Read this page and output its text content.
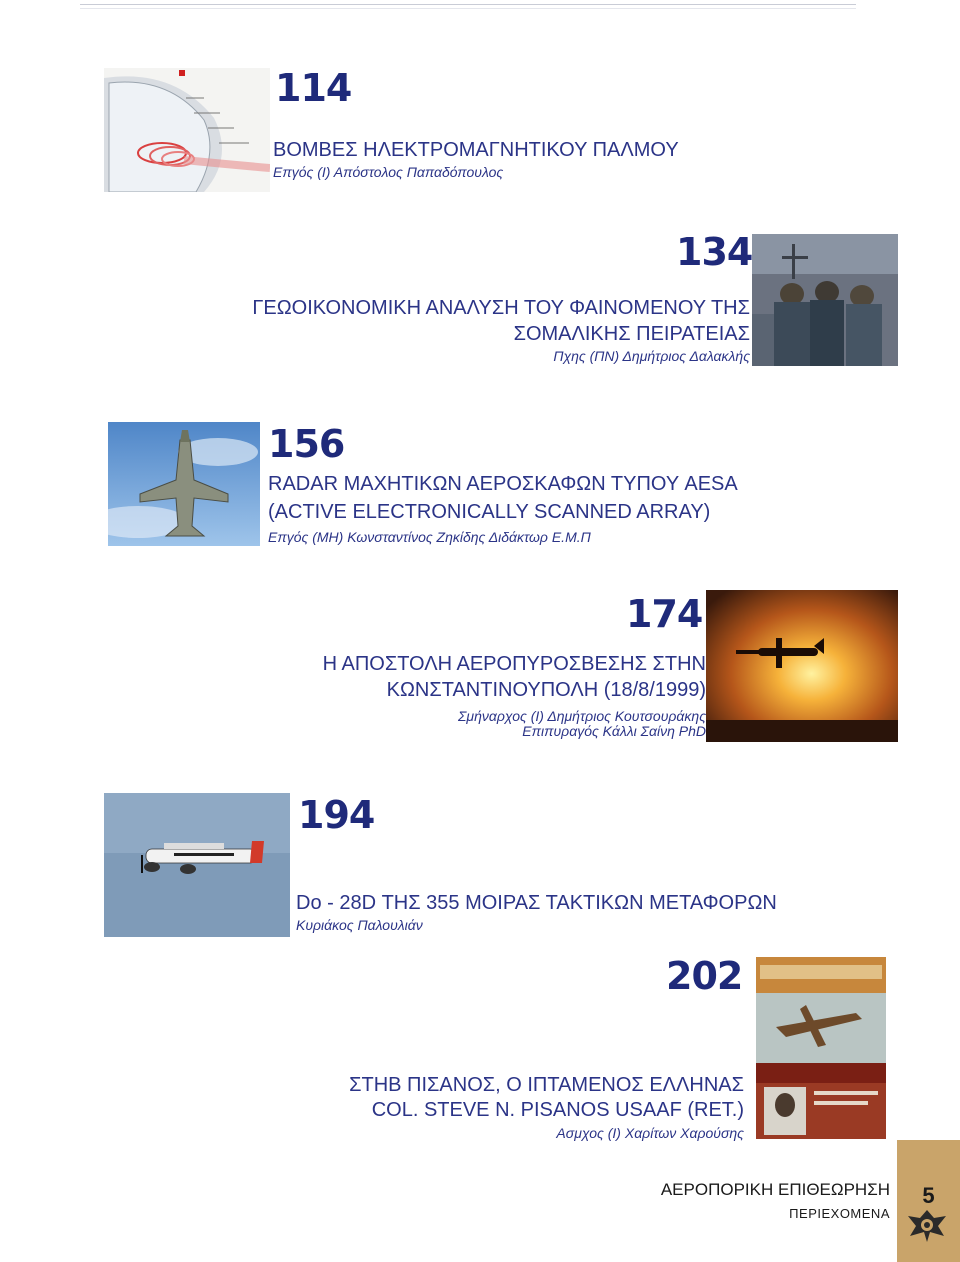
114
ΒΟΜΒΕΣ ΗΛΕΚΤΡΟΜΑΓΝΗΤΙΚΟΥ ΠΑΛΜΟΥ
Επγός (Ι) Απόστολος Παπαδόπουλος
134
ΓΕΩΟΙΚΟΝΟΜΙΚΗ ΑΝΑΛΥΣΗ ΤΟΥ ΦΑΙΝΟΜΕΝΟΥ ΤΗΣ
ΣΟΜΑΛΙΚΗΣ ΠΕΙΡΑΤΕΙΑΣ
Πχης (ΠΝ) Δημήτριος Δαλακλής
156
RADAR ΜΑΧΗΤΙΚΩΝ ΑΕΡΟΣΚΑΦΩΝ ΤΥΠΟΥ AESA
(ACTIVE ELECTRONICALLY SCANNED ARRAY)
Επγός (ΜΗ) Κωνσταντίνος Ζηκίδης Διδάκτωρ Ε.Μ.Π
174
Η ΑΠΟΣΤΟΛΗ ΑΕΡΟΠΥΡΟΣΒΕΣΗΣ ΣΤΗΝ
ΚΩΝΣΤΑΝΤΙΝΟΥΠΟΛΗ (18/8/1999)
Σμήναρχος (Ι) Δημήτριος Κουτσουράκης
Επιπυραγός Κάλλι Σαίνη PhD
194
Do - 28D ΤΗΣ 355 ΜΟΙΡΑΣ ΤΑΚΤΙΚΩΝ ΜΕΤΑΦΟΡΩΝ
Κυριάκος Παλουλιάν
202
ΣΤΗΒ ΠΙΣΑΝΟΣ, Ο ΙΠΤΑΜΕΝΟΣ ΕΛΛΗΝΑΣ
COL. STEVE N. PISANOS USAAF (RET.)
Ασμχος (Ι) Χαρίτων Χαρούσης
ΑΕΡΟΠΟΡΙΚΗ ΕΠΙΘΕΩΡΗΣΗ
ΠΕΡΙΕΧΟΜΕΝΑ
5
